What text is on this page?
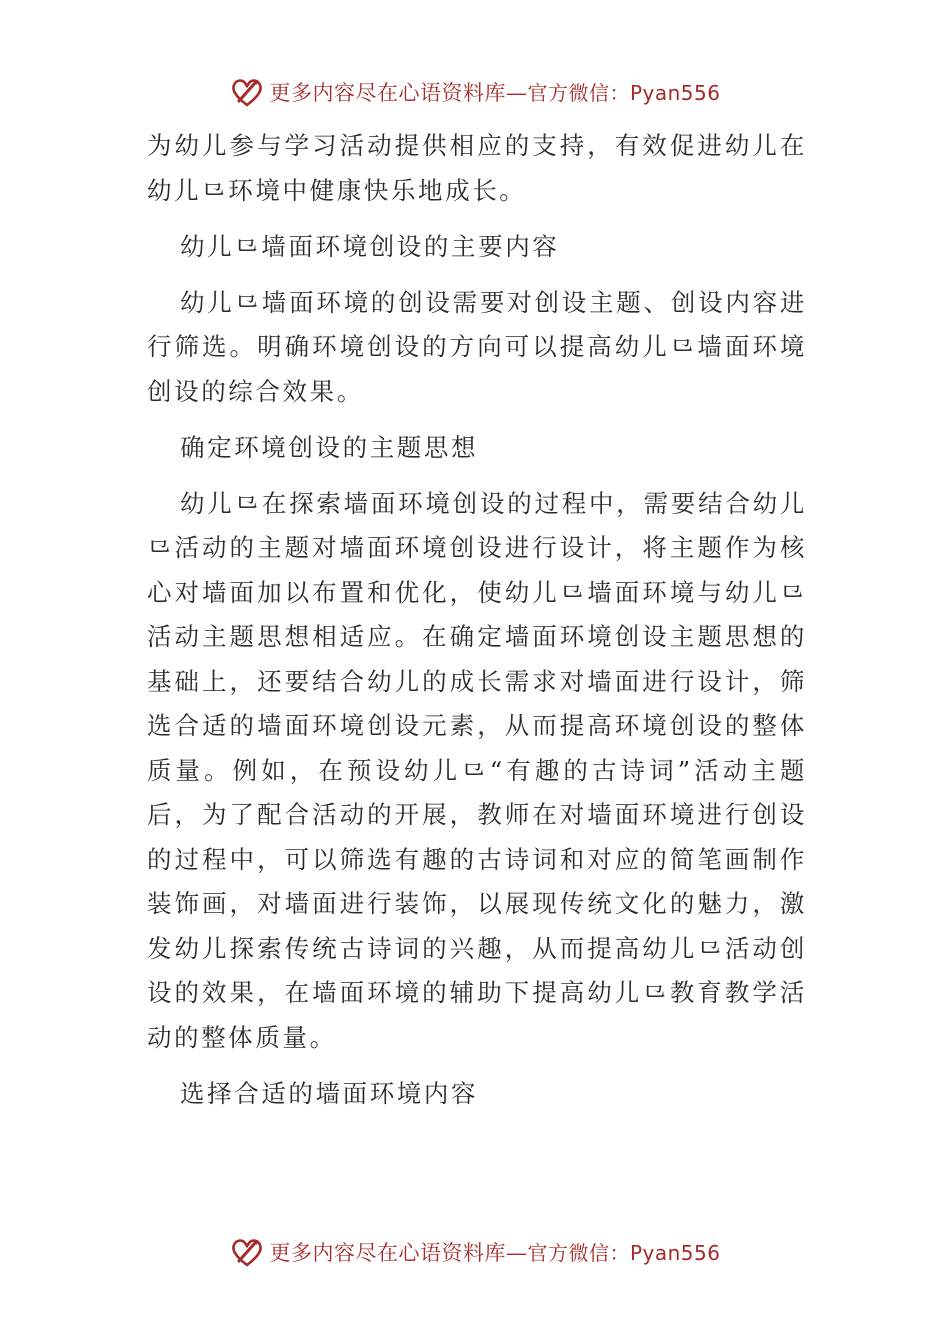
更多内容尽在心语资料库—官方微信：Pyan556

为幼儿参与学习活动提供相应的支持，有效促进幼儿在幼儿⺋环境中健康快乐地成长。

幼儿⺋墙面环境创设的主要内容

幼儿⺋墙面环境的创设需要对创设主题、创设内容进行筛选。明确环境创设的方向可以提高幼儿⺋墙面环境创设的综合效果。

确定环境创设的主题思想

幼儿⺋在探索墙面环境创设的过程中，需要结合幼儿⺋活动的主题对墙面环境创设进行设计，将主题作为核心对墙面加以布置和优化，使幼儿⺋墙面环境与幼儿⺋活动主题思想相适应。在确定墙面环境创设主题思想的基础上，还要结合幼儿的成长需求对墙面进行设计，筛选合适的墙面环境创设元素，从而提高环境创设的整体质量。例如，在预设幼儿⺋“有趣的古诗词”活动主题后，为了配合活动的开展，教师在对墙面环境进行创设的过程中，可以筛选有趣的古诗词和对应的简笔画制作装饰画，对墙面进行装饰，以展现传统文化的魅力，激发幼儿探索传统古诗词的兴趣，从而提高幼儿⺋活动创设的效果，在墙面环境的辅助下提高幼儿⺋教育教学活动的整体质量。

选择合适的墙面环境内容

更多内容尽在心语资料库—官方微信：Pyan556
